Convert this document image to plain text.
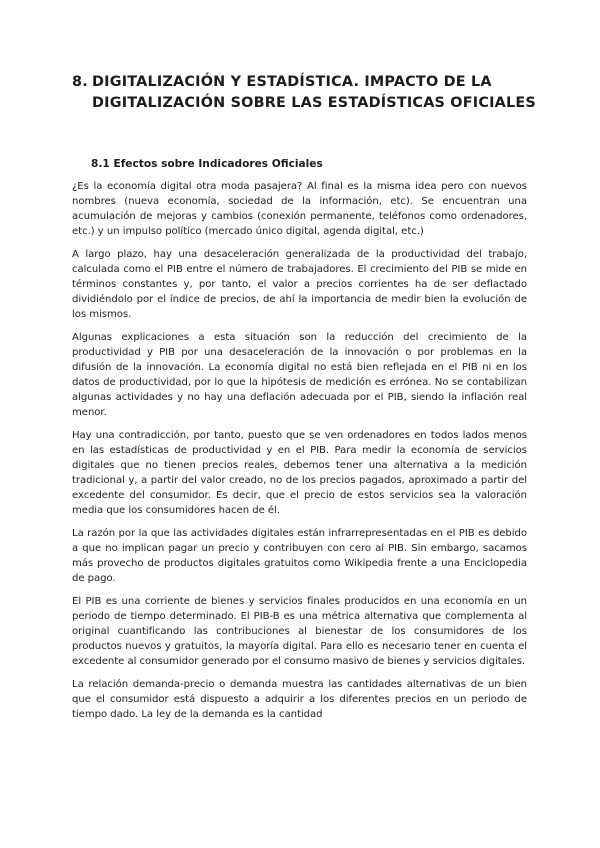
8. DIGITALIZACIÓN Y ESTADÍSTICA. IMPACTO DE LA DIGITALIZACIÓN SOBRE LAS ESTADÍSTICAS OFICIALES
8.1 Efectos sobre Indicadores Oficiales

¿Es la economía digital otra moda pasajera? Al final es la misma idea pero con nuevos nombres (nueva economía, sociedad de la información, etc). Se encuentran una acumulación de mejoras y cambios (conexión permanente, teléfonos como ordenadores, etc.) y un impulso político (mercado único digital, agenda digital, etc.)

A largo plazo, hay una desaceleración generalizada de la productividad del trabajo, calculada como el PIB entre el número de trabajadores. El crecimiento del PIB se mide en términos constantes y, por tanto, el valor a precios corrientes ha de ser deflactado dividiéndolo por el índice de precios, de ahí la importancia de medir bien la evolución de los mismos.

Algunas explicaciones a esta situación son la reducción del crecimiento de la productividad y PIB por una desaceleración de la innovación o por problemas en la difusión de la innovación. La economía digital no está bien reflejada en el PIB ni en los datos de productividad, por lo que la hipótesis de medición es errónea. No se contabilizan algunas actividades y no hay una deflación adecuada por el PIB, siendo la inflación real menor.

Hay una contradicción, por tanto, puesto que se ven ordenadores en todos lados menos en las estadísticas de productividad y en el PIB. Para medir la economía de servicios digitales que no tienen precios reales, debemos tener una alternativa a la medición tradicional y, a partir del valor creado, no de los precios pagados, aproximado a partir del excedente del consumidor. Es decir, que el precio de estos servicios sea la valoración media que los consumidores hacen de él.

La razón por la que las actividades digitales están infrarrepresentadas en el PIB es debido a que no implican pagar un precio y contribuyen con cero al PIB. Sin embargo, sacamos más provecho de productos digitales gratuitos como Wikipedia frente a una Enciclopedia de pago.

El PIB es una corriente de bienes y servicios finales producidos en una economía en un periodo de tiempo determinado. El PIB-B es una métrica alternativa que complementa al original cuantificando las contribuciones al bienestar de los consumidores de los productos nuevos y gratuitos, la mayoría digital. Para ello es necesario tener en cuenta el excedente al consumidor generado por el consumo masivo de bienes y servicios digitales.

La relación demanda-precio o demanda muestra las cantidades alternativas de un bien que el consumidor está dispuesto a adquirir a los diferentes precios en un periodo de tiempo dado. La ley de la demanda es la cantidad
